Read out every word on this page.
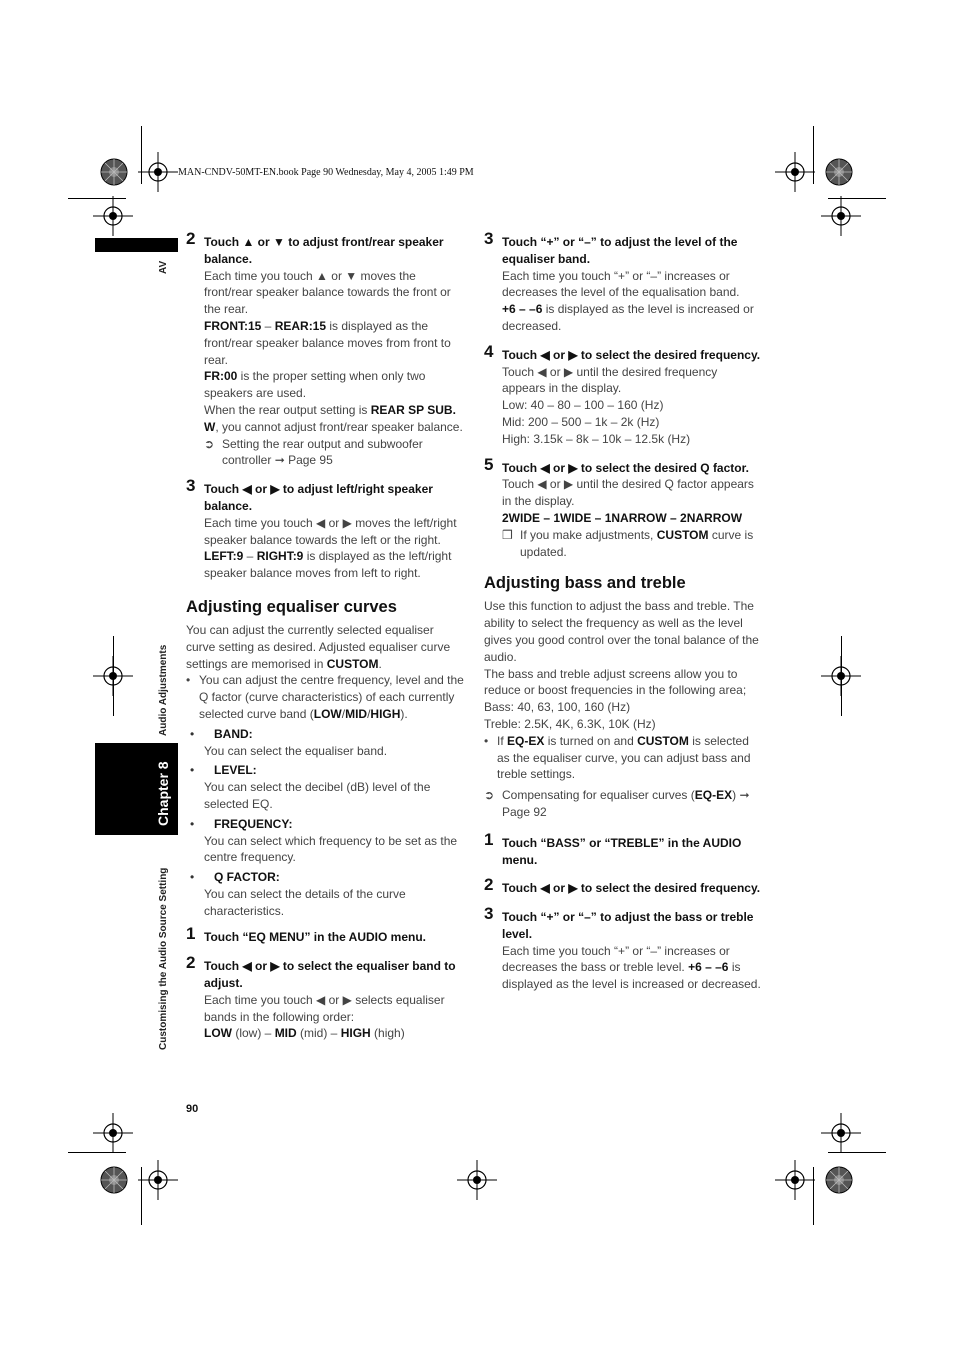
MAN-CNDV-50MT-EN.book Page 90 Wednesday, May 4, 2005 1:49 PM
AV
Chapter 8
Audio Adjustments
Customising the Audio Source Setting
90
2 Touch ▲ or ▼ to adjust front/rear speaker balance.
Each time you touch ▲ or ▼ moves the front/rear speaker balance towards the front or the rear.
FRONT:15 – REAR:15 is displayed as the front/rear speaker balance moves from front to rear.
FR:00 is the proper setting when only two speakers are used.
When the rear output setting is REAR SP SUB. W, you cannot adjust front/rear speaker balance.
➲ Setting the rear output and subwoofer controller ➞ Page 95
3 Touch ◀ or ▶ to adjust left/right speaker balance.
Each time you touch ◀ or ▶ moves the left/right speaker balance towards the left or the right.
LEFT:9 – RIGHT:9 is displayed as the left/right speaker balance moves from left to right.
Adjusting equaliser curves
You can adjust the currently selected equaliser curve setting as desired. Adjusted equaliser curve settings are memorised in CUSTOM.
• You can adjust the centre frequency, level and the Q factor (curve characteristics) of each currently selected curve band (LOW/MID/HIGH).
• BAND:
You can select the equaliser band.
• LEVEL:
You can select the decibel (dB) level of the selected EQ.
• FREQUENCY:
You can select which frequency to be set as the centre frequency.
• Q FACTOR:
You can select the details of the curve characteristics.
1 Touch “EQ MENU” in the AUDIO menu.
2 Touch ◀ or ▶ to select the equaliser band to adjust.
Each time you touch ◀ or ▶ selects equaliser bands in the following order:
LOW (low) – MID (mid) – HIGH (high)
3 Touch “+” or “–” to adjust the level of the equaliser band.
Each time you touch “+” or “–” increases or decreases the level of the equalisation band.
+6 – –6 is displayed as the level is increased or decreased.
4 Touch ◀ or ▶ to select the desired frequency.
Touch ◀ or ▶ until the desired frequency appears in the display.
Low: 40 – 80 – 100 – 160 (Hz)
Mid: 200 – 500 – 1k – 2k (Hz)
High: 3.15k – 8k – 10k – 12.5k (Hz)
5 Touch ◀ or ▶ to select the desired Q factor.
Touch ◀ or ▶ until the desired Q factor appears in the display.
2WIDE – 1WIDE – 1NARROW – 2NARROW
❒ If you make adjustments, CUSTOM curve is updated.
Adjusting bass and treble
Use this function to adjust the bass and treble. The ability to select the frequency as well as the level gives you good control over the tonal balance of the audio.
The bass and treble adjust screens allow you to reduce or boost frequencies in the following area;
Bass: 40, 63, 100, 160 (Hz)
Treble: 2.5K, 4K, 6.3K, 10K (Hz)
• If EQ-EX is turned on and CUSTOM is selected as the equaliser curve, you can adjust bass and treble settings.
➲ Compensating for equaliser curves (EQ-EX) ➞ Page 92
1 Touch “BASS” or “TREBLE” in the AUDIO menu.
2 Touch ◀ or ▶ to select the desired frequency.
3 Touch “+” or “–” to adjust the bass or treble level.
Each time you touch “+” or “–” increases or decreases the bass or treble level. +6 – –6 is displayed as the level is increased or decreased.
